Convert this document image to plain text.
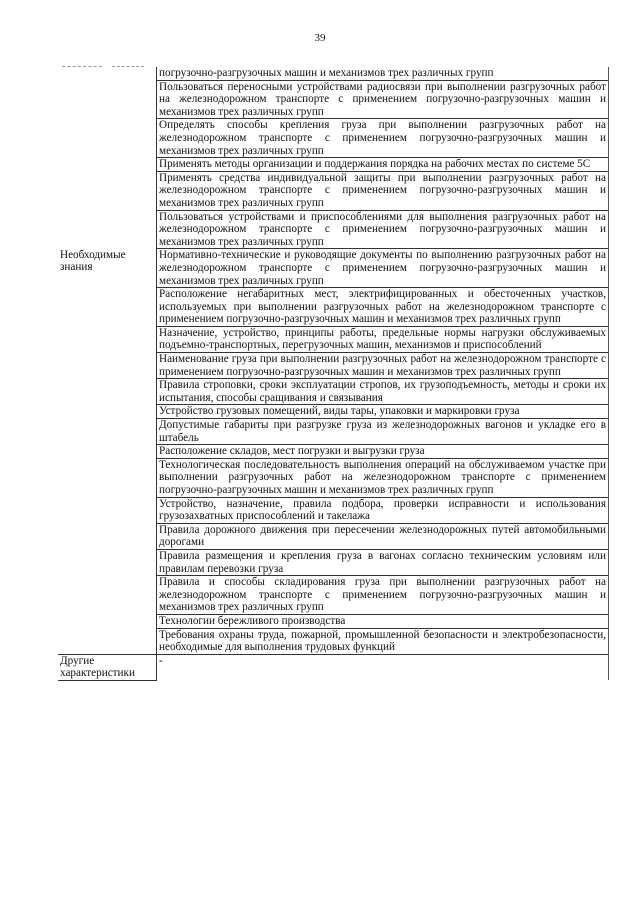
39
	погрузочно-разгрузочных машин и механизмов трех различных групп
	Пользоваться переносными устройствами радиосвязи при выполнении разгрузочных работ на железнодорожном транспорте с применением погрузочно-разгрузочных машин и механизмов трех различных групп
	Определять способы крепления груза при выполнении разгрузочных работ на железнодорожном транспорте с применением погрузочно-разгрузочных машин и механизмов трех различных групп
	Применять методы организации и поддержания порядка на рабочих местах по системе 5С
	Применять средства индивидуальной защиты при выполнении разгрузочных работ на железнодорожном транспорте с применением погрузочно-разгрузочных машин и механизмов трех различных групп
	Пользоваться устройствами и приспособлениями для выполнения разгрузочных работ на железнодорожном транспорте с применением погрузочно-разгрузочных машин и механизмов трех различных групп
Необходимые знания	Нормативно-технические и руководящие документы по выполнению разгрузочных работ на железнодорожном транспорте с применением погрузочно-разгрузочных машин и механизмов трех различных групп
	Расположение негабаритных мест, электрифицированных и обесточенных участков, используемых при выполнении разгрузочных работ на железнодорожном транспорте с применением погрузочно-разгрузочных машин и механизмов трех различных групп
	Назначение, устройство, принципы работы, предельные нормы нагрузки обслуживаемых подъемно-транспортных, перегрузочных машин, механизмов и приспособлений
	Наименование груза при выполнении разгрузочных работ на железнодорожном транспорте с применением погрузочно-разгрузочных машин и механизмов трех различных групп
	Правила строповки, сроки эксплуатации стропов, их грузоподъемность, методы и сроки их испытания, способы сращивания и связывания
	Устройство грузовых помещений, виды тары, упаковки и маркировки груза
	Допустимые габариты при разгрузке груза из железнодорожных вагонов и укладке его в штабель
	Расположение складов, мест погрузки и выгрузки груза
	Технологическая последовательность выполнения операций на обслуживаемом участке при выполнении разгрузочных работ на железнодорожном транспорте с применением погрузочно-разгрузочных машин и механизмов трех различных групп
	Устройство, назначение, правила подбора, проверки исправности и использования грузозахватных приспособлений и такелажа
	Правила дорожного движения при пересечении железнодорожных путей автомобильными дорогами
	Правила размещения и крепления груза в вагонах согласно техническим условиям или правилам перевозки груза
	Правила и способы складирования груза при выполнении разгрузочных работ на железнодорожном транспорте с применением погрузочно-разгрузочных машин и механизмов трех различных групп
	Технологии бережливого производства
	Требования охраны труда, пожарной, промышленной безопасности и электробезопасности, необходимые для выполнения трудовых функций
Другие характеристики	-
